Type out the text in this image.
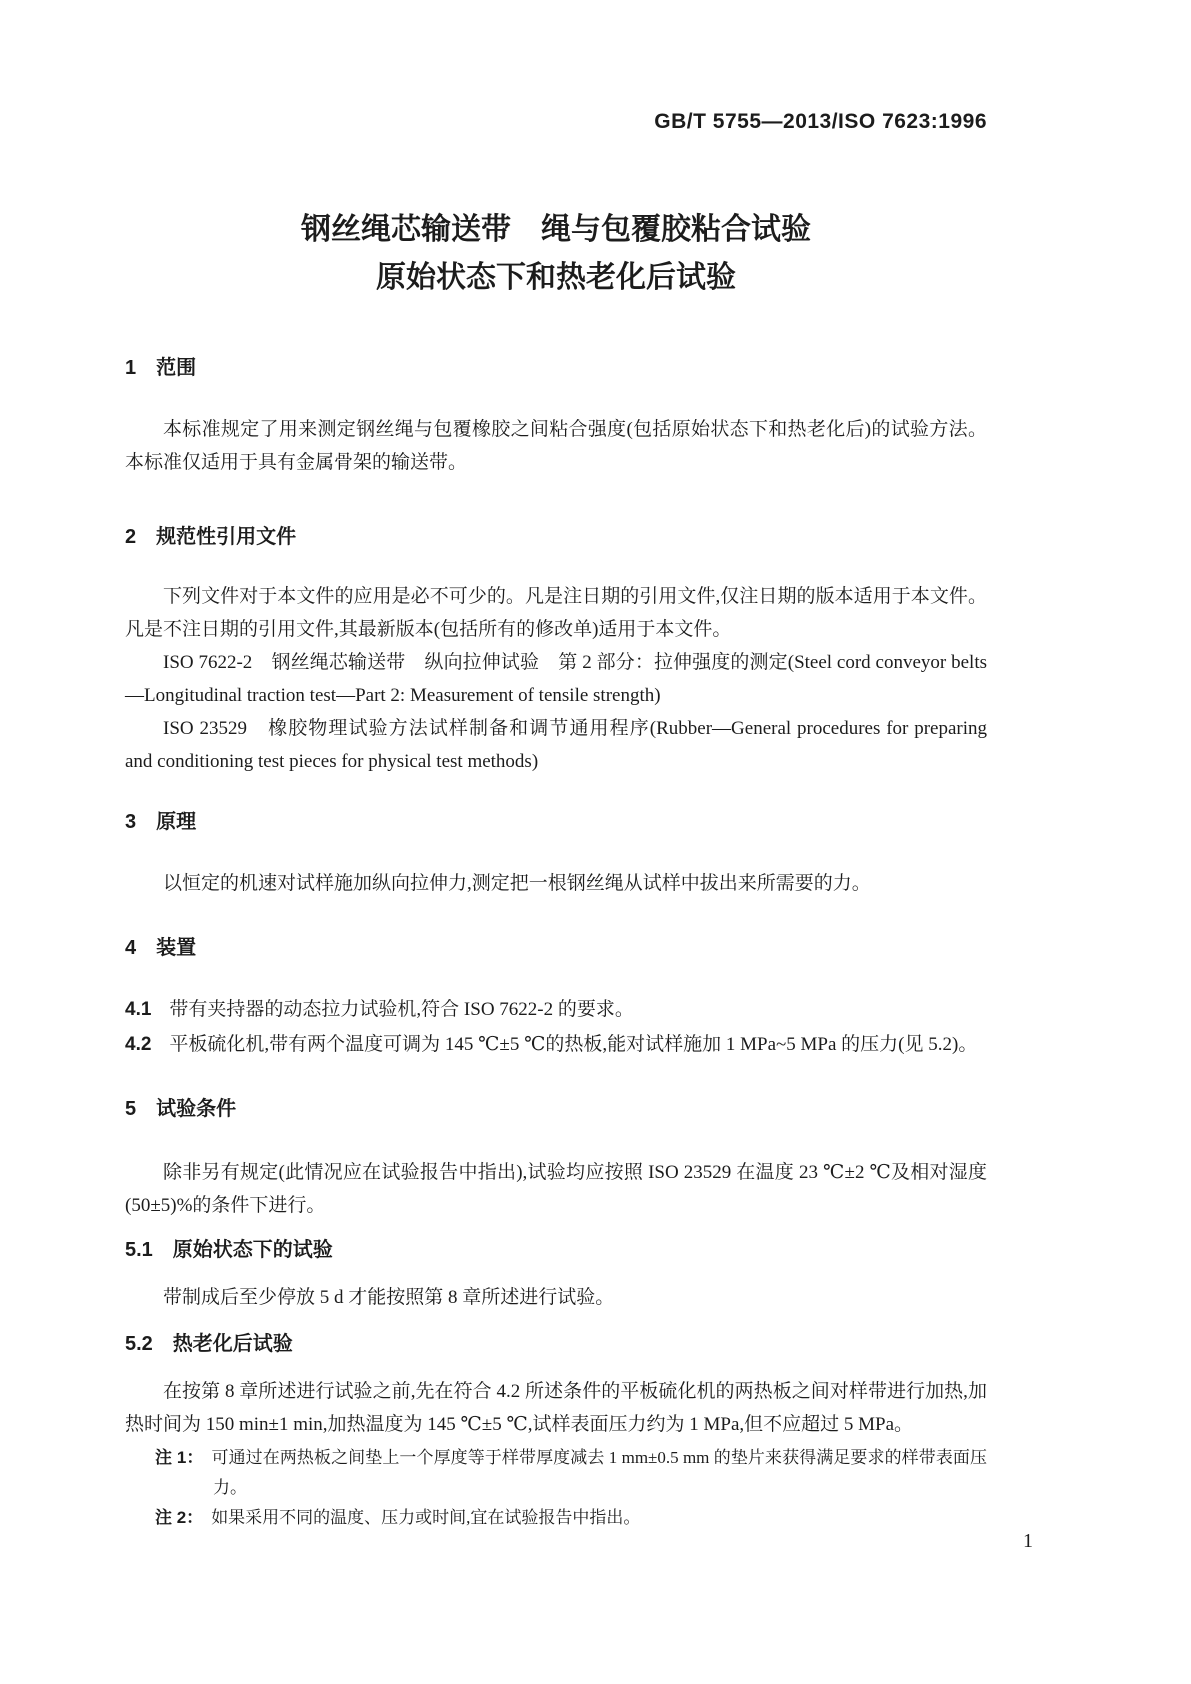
GB/T 5755—2013/ISO 7623:1996
钢丝绳芯输送带　绳与包覆胶粘合试验
原始状态下和热老化后试验
1　范围

本标准规定了用来测定钢丝绳与包覆橡胶之间粘合强度(包括原始状态下和热老化后)的试验方法。本标准仅适用于具有金属骨架的输送带。

2　规范性引用文件

下列文件对于本文件的应用是必不可少的。凡是注日期的引用文件,仅注日期的版本适用于本文件。凡是不注日期的引用文件,其最新版本(包括所有的修改单)适用于本文件。

ISO 7622-2　钢丝绳芯输送带　纵向拉伸试验　第 2 部分：拉伸强度的测定(Steel cord conveyor belts—Longitudinal traction test—Part 2: Measurement of tensile strength)

ISO 23529　橡胶物理试验方法试样制备和调节通用程序(Rubber—General procedures for preparing and conditioning test pieces for physical test methods)

3　原理

以恒定的机速对试样施加纵向拉伸力,测定把一根钢丝绳从试样中拔出来所需要的力。

4　装置

4.1 带有夹持器的动态拉力试验机,符合 ISO 7622-2 的要求。

4.2 平板硫化机,带有两个温度可调为 145 ℃±5 ℃的热板,能对试样施加 1 MPa~5 MPa 的压力(见 5.2)。

5　试验条件

除非另有规定(此情况应在试验报告中指出),试验均应按照 ISO 23529 在温度 23 ℃±2 ℃及相对湿度(50±5)%的条件下进行。

5.1　原始状态下的试验

带制成后至少停放 5 d 才能按照第 8 章所述进行试验。

5.2　热老化后试验

在按第 8 章所述进行试验之前,先在符合 4.2 所述条件的平板硫化机的两热板之间对样带进行加热,加热时间为 150 min±1 min,加热温度为 145 ℃±5 ℃,试样表面压力约为 1 MPa,但不应超过 5 MPa。

注 1： 可通过在两热板之间垫上一个厚度等于样带厚度减去 1 mm±0.5 mm 的垫片来获得满足要求的样带表面压力。

注 2： 如果采用不同的温度、压力或时间,宜在试验报告中指出。

1
